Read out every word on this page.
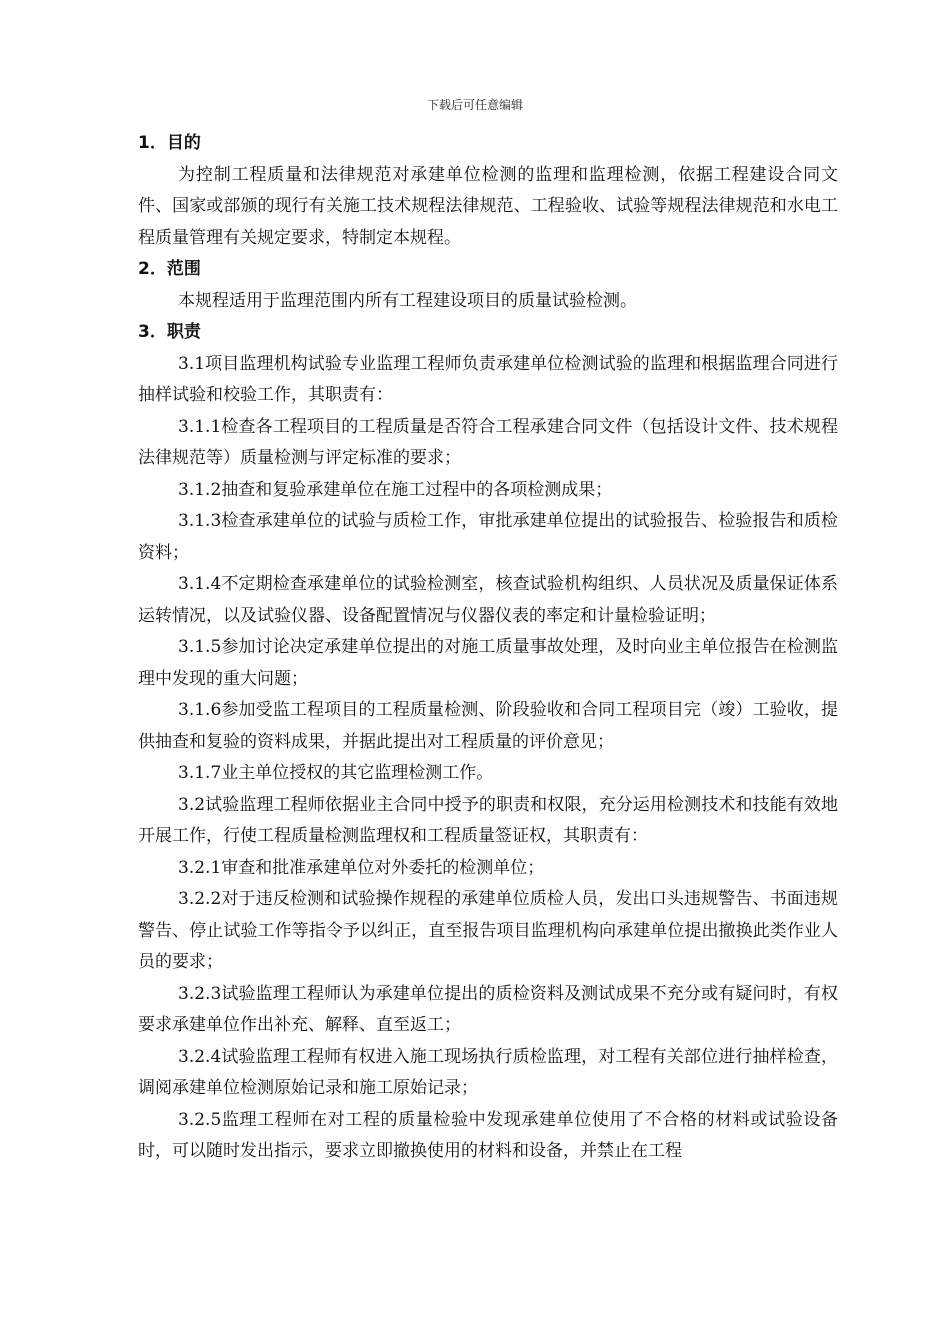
下载后可任意编辑
1．目的
为控制工程质量和法律规范对承建单位检测的监理和监理检测，依据工程建设合同文件、国家或部颁的现行有关施工技术规程法律规范、工程验收、试验等规程法律规范和水电工程质量管理有关规定要求，特制定本规程。
2．范围
本规程适用于监理范围内所有工程建设项目的质量试验检测。
3．职责
3.1项目监理机构试验专业监理工程师负责承建单位检测试验的监理和根据监理合同进行抽样试验和校验工作，其职责有：
3.1.1检查各工程项目的工程质量是否符合工程承建合同文件（包括设计文件、技术规程法律规范等）质量检测与评定标准的要求；
3.1.2抽查和复验承建单位在施工过程中的各项检测成果；
3.1.3检查承建单位的试验与质检工作，审批承建单位提出的试验报告、检验报告和质检资料；
3.1.4不定期检查承建单位的试验检测室，核查试验机构组织、人员状况及质量保证体系运转情况，以及试验仪器、设备配置情况与仪器仪表的率定和计量检验证明；
3.1.5参加讨论决定承建单位提出的对施工质量事故处理，及时向业主单位报告在检测监理中发现的重大问题；
3.1.6参加受监工程项目的工程质量检测、阶段验收和合同工程项目完（竣）工验收，提供抽查和复验的资料成果，并据此提出对工程质量的评价意见；
3.1.7业主单位授权的其它监理检测工作。
3.2试验监理工程师依据业主合同中授予的职责和权限，充分运用检测技术和技能有效地开展工作，行使工程质量检测监理权和工程质量签证权，其职责有：
3.2.1审查和批准承建单位对外委托的检测单位；
3.2.2对于违反检测和试验操作规程的承建单位质检人员，发出口头违规警告、书面违规警告、停止试验工作等指令予以纠正，直至报告项目监理机构向承建单位提出撤换此类作业人员的要求；
3.2.3试验监理工程师认为承建单位提出的质检资料及测试成果不充分或有疑问时，有权要求承建单位作出补充、解释、直至返工；
3.2.4试验监理工程师有权进入施工现场执行质检监理，对工程有关部位进行抽样检查，调阅承建单位检测原始记录和施工原始记录；
3.2.5监理工程师在对工程的质量检验中发现承建单位使用了不合格的材料或试验设备时，可以随时发出指示，要求立即撤换使用的材料和设备，并禁止在工程
